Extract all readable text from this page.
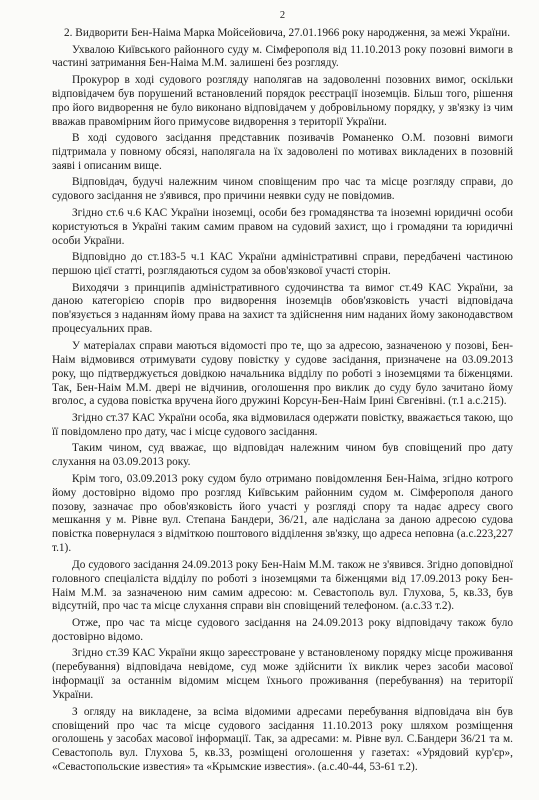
2

2. Видворити Бен-Наіма Марка Мойсейовича, 27.01.1966 року народження, за межі України.

Ухвалою Київського районного суду м. Сімферополя від 11.10.2013 року позовні вимоги в частині затримання Бен-Наіма М.М. залишені без розгляду.

Прокурор в ході судового розгляду наполягав на задоволенні позовних вимог, оскільки відповідачем був порушений встановлений порядок реєстрації іноземців. Більш того, рішення про його видворення не було виконано відповідачем у добровільному порядку, у зв'язку із чим вважав правомірним його примусове видворення з території України.

В ході судового засідання представник позивачів Романенко О.М. позовні вимоги підтримала у повному обсязі, наполягала на їх задоволені по мотивах викладених в позовній заяві і описаним вище.

Відповідач, будучі належним чином сповіщеним про час та місце розгляду справи, до судового засідання не з'явився, про причини неявки суду не повідомив.

Згідно ст.6 ч.6 КАС України іноземці, особи без громадянства та іноземні юридичні особи користуються в Україні таким самим правом на судовий захист, що і громадяни та юридичні особи України.

Відповідно до ст.183-5 ч.1 КАС України адміністративні справи, передбачені частиною першою цієї статті, розглядаються судом за обов'язкової участі сторін.

Виходячи з принципів адміністративного судочинства та вимог ст.49 КАС України, за даною категорією спорів про видворення іноземців обов'язковість участі відповідача пов'язується з наданням йому права на захист та здійснення ним наданих йому законодавством процесуальних прав.

У матеріалах справи маються відомості про те, що за адресою, зазначеною у позові, Бен-Наім відмовився отримувати судову повістку у судове засідання, призначене на 03.09.2013 року, що підтверджується довідкою начальника відділу по роботі з іноземцями та біженцями. Так, Бен-Наім М.М. двері не відчинив, оголошення про виклик до суду було зачитано йому вголос, а судова повістка вручена його дружині Корсун-Бен-Наім Ірині Євгенівні. (т.1 а.с.215).

Згідно ст.37 КАС України особа, яка відмовилася одержати повістку, вважається такою, що її повідомлено про дату, час і місце судового засідання.

Таким чином, суд вважає, що відповідач належним чином був сповіщений про дату слухання на 03.09.2013 року.

Крім того, 03.09.2013 року судом було отримано повідомлення Бен-Наіма, згідно котрого йому достовірно відомо про розгляд Київським районним судом м. Сімферополя даного позову, зазначає про обов'язковість його участі у розгляді спору та надає адресу свого мешкання у м. Рівне вул. Степана Бандери, 36/21, але надіслана за даною адресою судова повістка повернулася з відміткою поштового відділення зв'язку, що адреса неповна (а.с.223,227 т.1).

До судового засідання 24.09.2013 року Бен-Наім М.М. також не з'явився. Згідно доповідної головного спеціаліста відділу по роботі з іноземцями та біженцями від 17.09.2013 року Бен-Наім М.М. за зазначеною ним самим адресою: м. Севастополь вул. Глухова, 5, кв.33, був відсутній, про час та місце слухання справи він сповіщений телефоном. (а.с.33 т.2).

Отже, про час та місце судового засідання на 24.09.2013 року відповідачу також було достовірно відомо.

Згідно ст.39 КАС України якщо зареєстроване у встановленому порядку місце проживання (перебування) відповідача невідоме, суд може здійснити їх виклик через засоби масової інформації за останнім відомим місцем їхнього проживання (перебування) на території України.

З огляду на викладене, за всіма відомими адресами перебування відповідача він був сповіщений про час та місце судового засідання 11.10.2013 року шляхом розміщення оголошень у засобах масової інформації. Так, за адресами: м. Рівне вул. С.Бандери 36/21 та м. Севастополь вул. Глухова 5, кв.33, розміщені оголошення у газетах: «Урядовий кур'єр», «Севастопольские известия» та «Крымские известия». (а.с.40-44, 53-61 т.2).
